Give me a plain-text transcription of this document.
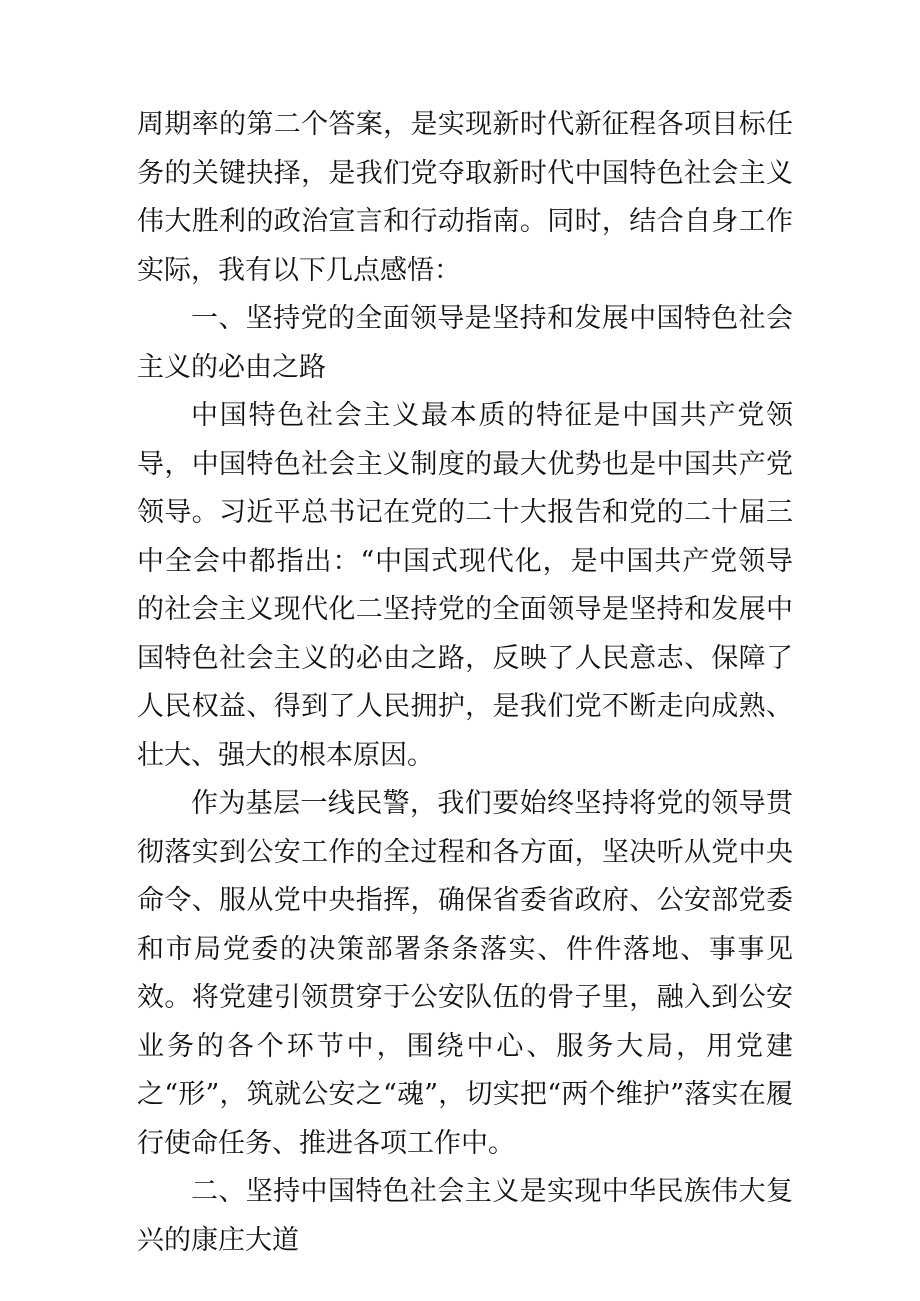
周期率的第二个答案，是实现新时代新征程各项目标任务的关键抉择，是我们党夺取新时代中国特色社会主义伟大胜利的政治宣言和行动指南。同时，结合自身工作实际，我有以下几点感悟：

一、坚持党的全面领导是坚持和发展中国特色社会主义的必由之路

中国特色社会主义最本质的特征是中国共产党领导，中国特色社会主义制度的最大优势也是中国共产党领导。习近平总书记在党的二十大报告和党的二十届三中全会中都指出：“中国式现代化，是中国共产党领导的社会主义现代化二坚持党的全面领导是坚持和发展中国特色社会主义的必由之路，反映了人民意志、保障了人民权益、得到了人民拥护，是我们党不断走向成熟、壮大、强大的根本原因。

作为基层一线民警，我们要始终坚持将党的领导贯彻落实到公安工作的全过程和各方面，坚决听从党中央命令、服从党中央指挥，确保省委省政府、公安部党委和市局党委的决策部署条条落实、件件落地、事事见效。将党建引领贯穿于公安队伍的骨子里，融入到公安业务的各个环节中，围绕中心、服务大局，用党建之“形”，筑就公安之“魂”，切实把“两个维护”落实在履行使命任务、推进各项工作中。

二、坚持中国特色社会主义是实现中华民族伟大复兴的康庄大道
